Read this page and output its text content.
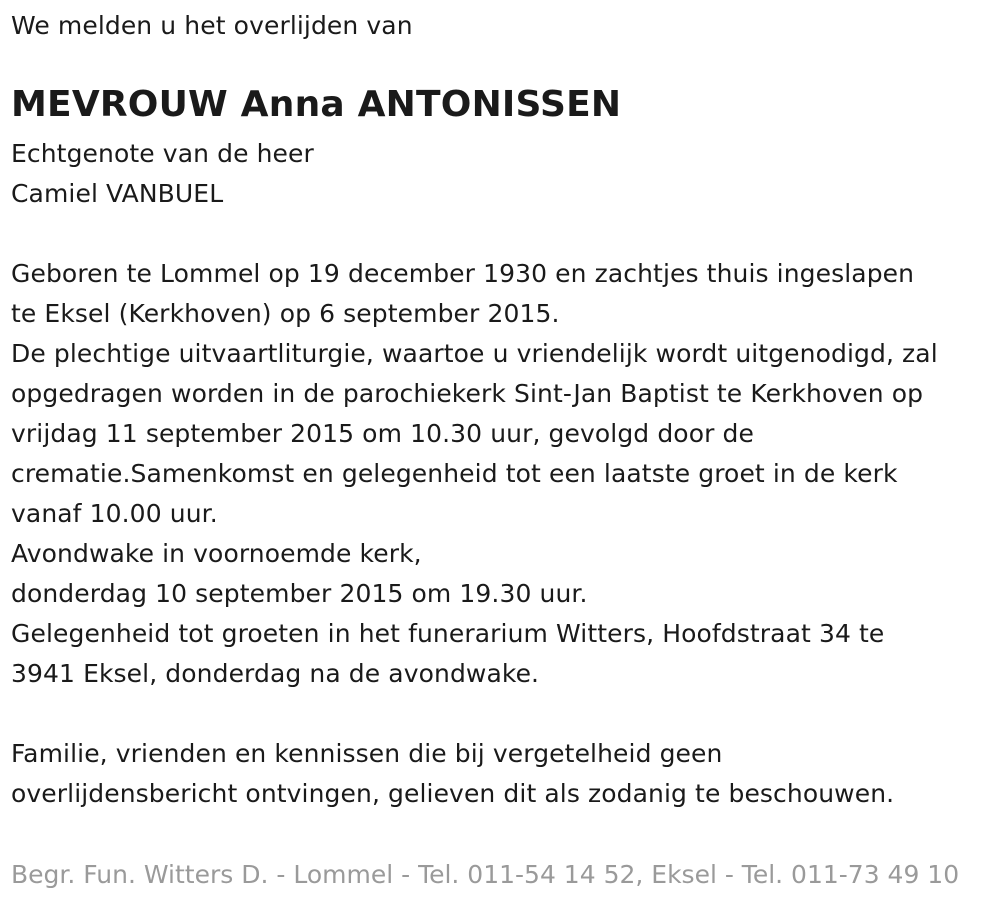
We melden u het overlijden van
MEVROUW Anna ANTONISSEN
Echtgenote van de heer
Camiel VANBUEL
Geboren te Lommel op 19 december 1930 en zachtjes thuis ingeslapen
te Eksel (Kerkhoven) op 6 september 2015.
De plechtige uitvaartliturgie, waartoe u vriendelijk wordt uitgenodigd, zal
opgedragen worden in de parochiekerk Sint-Jan Baptist te Kerkhoven op
vrijdag 11 september 2015 om 10.30 uur, gevolgd door de
crematie.Samenkomst en gelegenheid tot een laatste groet in de kerk
vanaf 10.00 uur.
Avondwake in voornoemde kerk,
donderdag 10 september 2015 om 19.30 uur.
Gelegenheid tot groeten in het funerarium Witters, Hoofdstraat 34 te
3941 Eksel, donderdag na de avondwake.
Familie, vrienden en kennissen die bij vergetelheid geen
overlijdensbericht ontvingen, gelieven dit als zodanig te beschouwen.
Begr. Fun. Witters D. - Lommel - Tel. 011-54 14 52, Eksel - Tel. 011-73 49 10
